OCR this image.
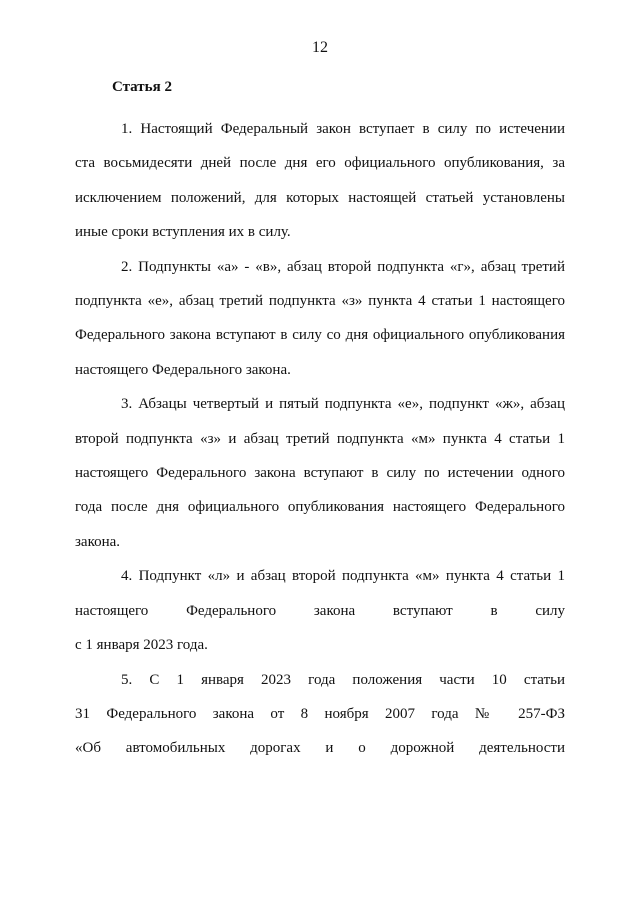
12
Статья 2
1. Настоящий Федеральный закон вступает в силу по истечении
ста восьмидесяти дней после дня его официального опубликования, за
исключением положений, для которых настоящей статьей установлены
иные сроки вступления их в силу.
2. Подпункты «а» - «в», абзац второй подпункта «г», абзац третий
подпункта «е», абзац третий подпункта «з» пункта 4 статьи 1 настоящего
Федерального закона вступают в силу со дня официального опубликования
настоящего Федерального закона.
3. Абзацы четвертый и пятый подпункта «е», подпункт «ж», абзац
второй подпункта «з» и абзац третий подпункта «м» пункта 4 статьи 1
настоящего Федерального закона вступают в силу по истечении одного
года после дня официального опубликования настоящего Федерального
закона.
4. Подпункт «л» и абзац второй подпункта «м» пункта 4 статьи 1
настоящего Федерального закона вступают в силу
с 1 января 2023 года.
5. С 1 января 2023 года положения части 10 статьи
31 Федерального закона от 8 ноября 2007 года № 257-ФЗ
«Об автомобильных дорогах и о дорожной деятельности
